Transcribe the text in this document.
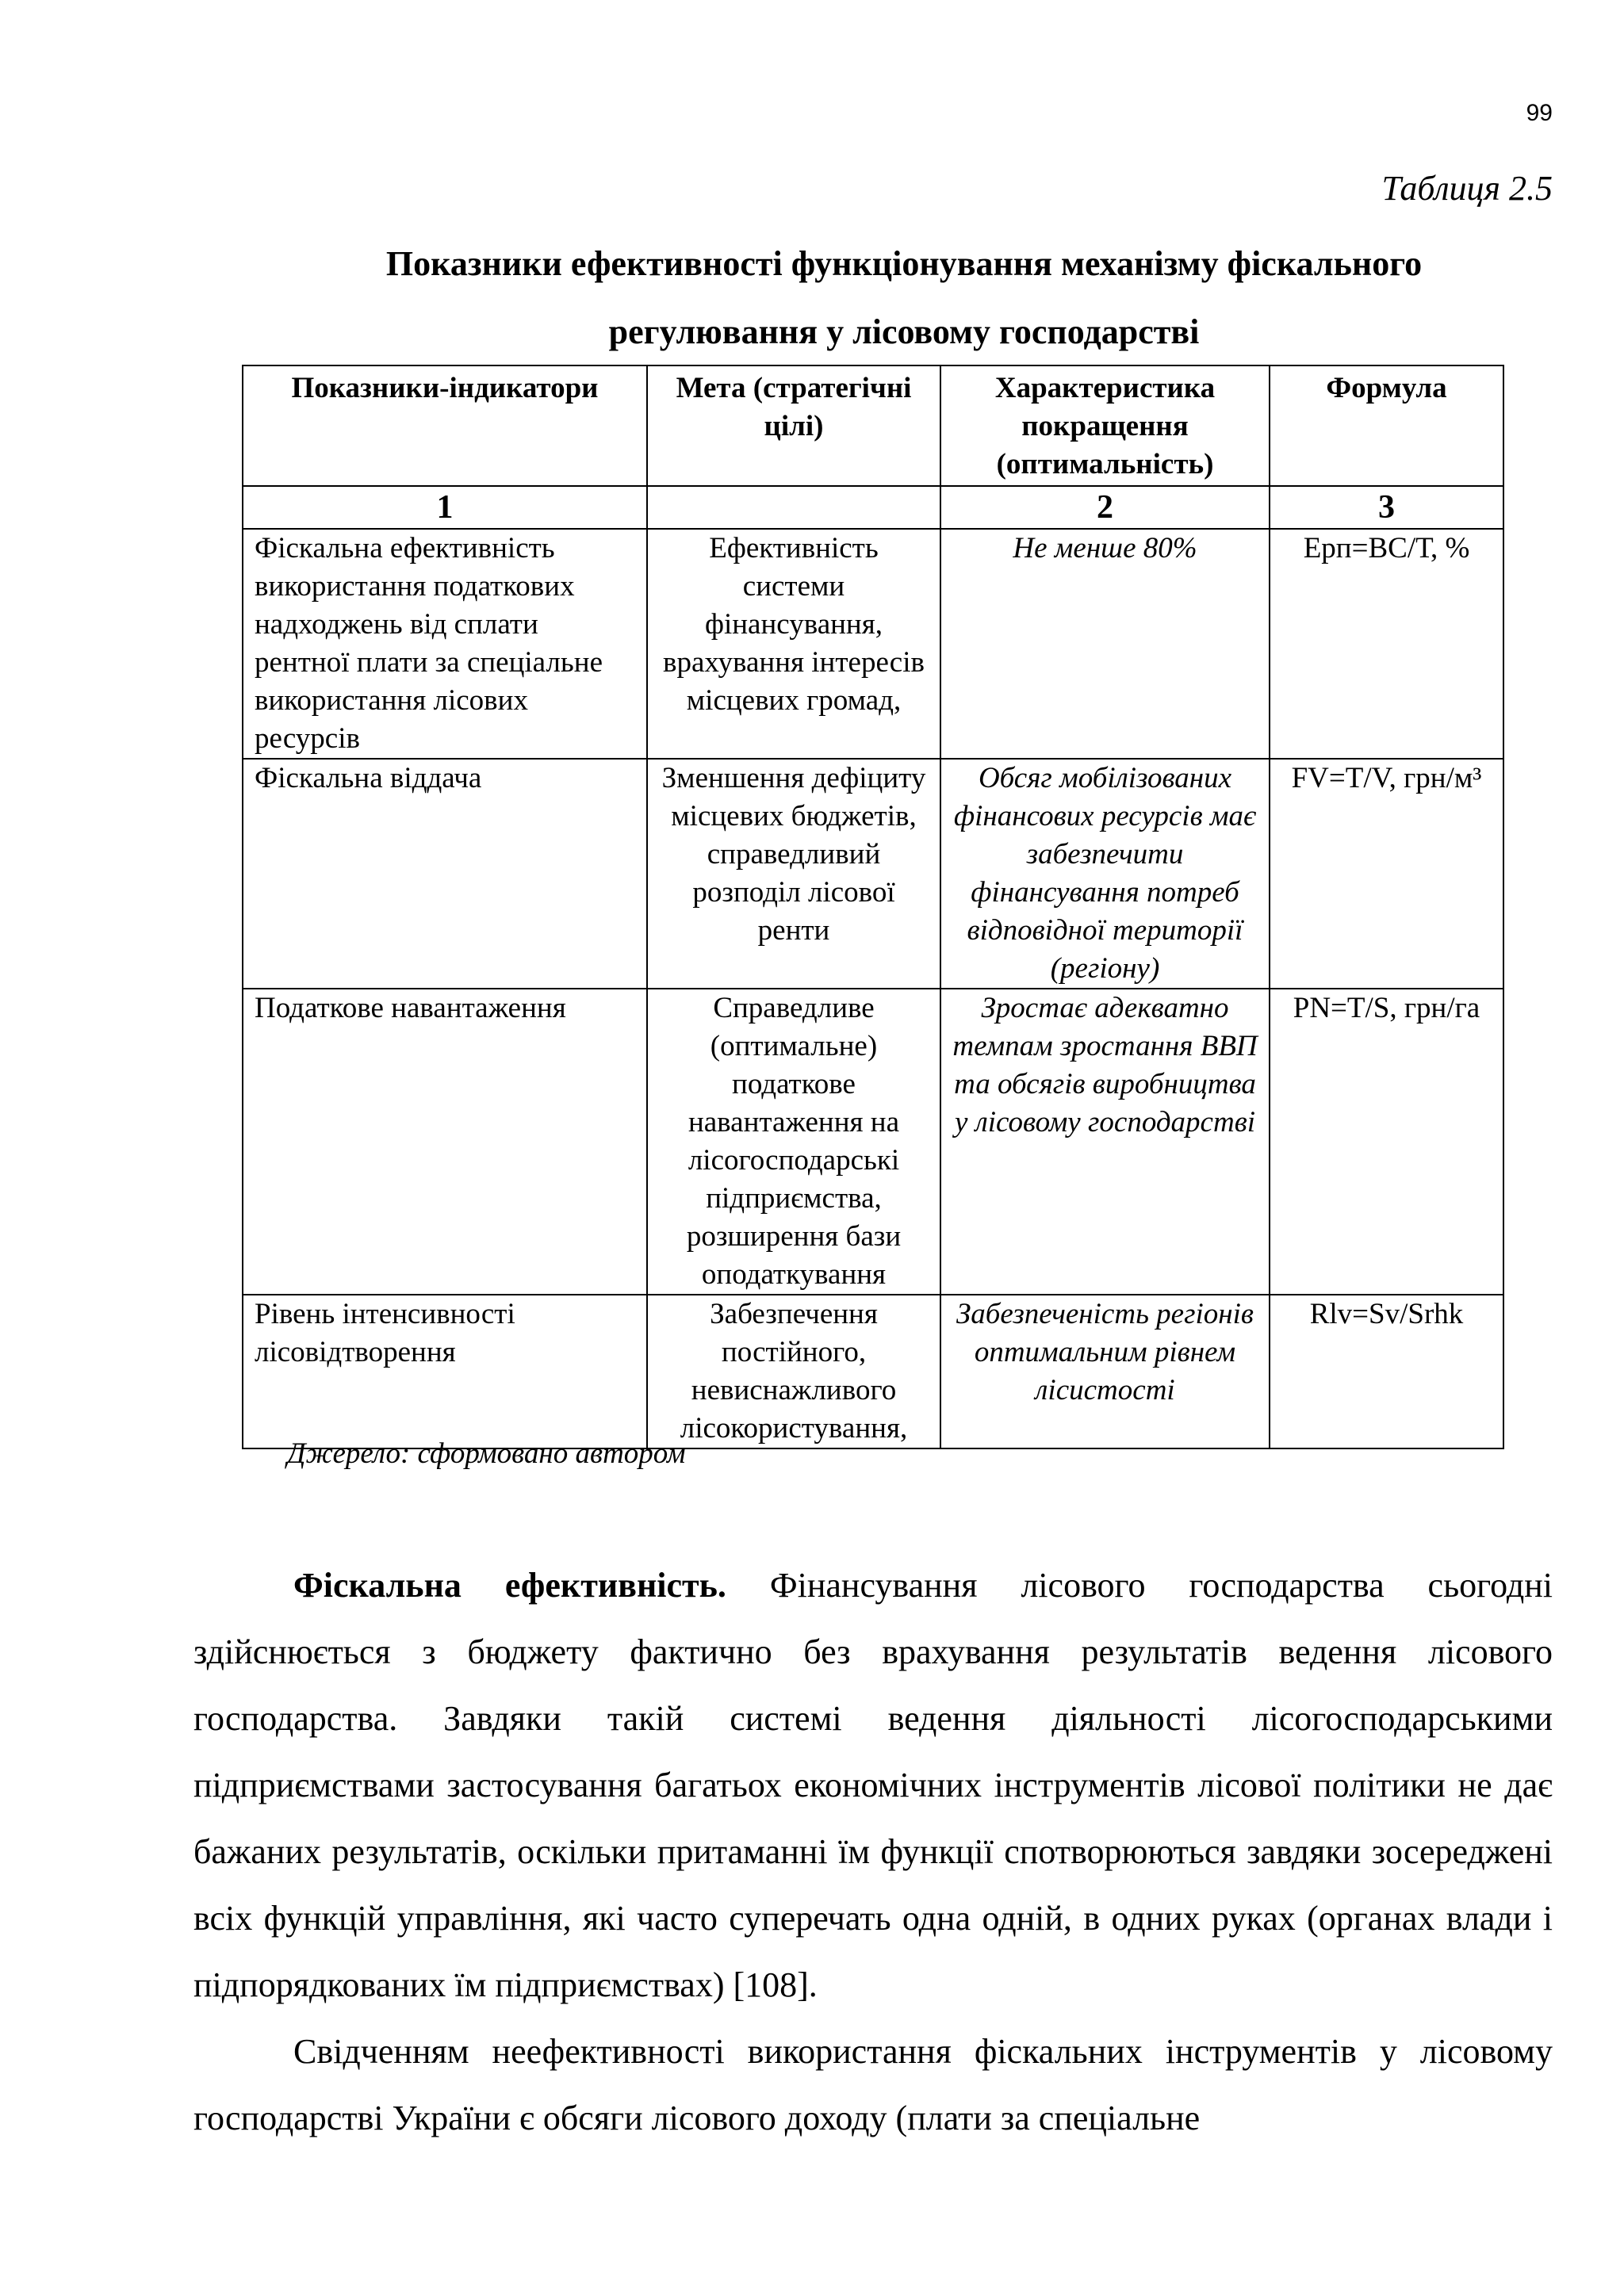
99
Таблиця 2.5
Показники ефективності функціонування механізму фіскального регулювання у лісовому господарстві
Показники-індикатори	Мета (стратегічні цілі)	Характеристика покращення (оптимальність)	Формула
1		2	3
Фіскальна ефективність використання податкових надходжень від сплати рентної плати за спеціальне використання лісових ресурсів	Ефективність системи фінансування, врахування інтересів місцевих громад,	Не менше 80%	Ерп=ВС/Т, %
Фіскальна віддача	Зменшення дефіциту місцевих бюджетів, справедливий розподіл лісової ренти	Обсяг мобілізованих фінансових ресурсів має забезпечити фінансування потреб відповідної території (регіону)	FV=T/V, грн/м³
Податкове навантаження	Справедливе (оптимальне) податкове навантаження на лісогосподарські підприємства, розширення бази оподаткування	Зростає адекватно темпам зростання ВВП та обсягів виробництва у лісовому господарстві	PN=T/S, грн/га
Рівень інтенсивності лісовідтворення	Забезпечення постійного, невиснажливого лісокористування,	Забезпеченість регіонів оптимальним рівнем лісистості	Rlv=Sv/Srhk
Джерело: сформовано автором

Фіскальна ефективність. Фінансування лісового господарства сьогодні здійснюється з бюджету фактично без врахування результатів ведення лісового господарства. Завдяки такій системі ведення діяльності лісогосподарськими підприємствами застосування багатьох економічних інструментів лісової політики не дає бажаних результатів, оскільки притаманні їм функції спотворюються завдяки зосереджені всіх функцій управління, які часто суперечать одна одній, в одних руках (органах влади і підпорядкованих їм підприємствах) [108].

Свідченням неефективності використання фіскальних інструментів у лісовому господарстві України є обсяги лісового доходу (плати за спеціальне
